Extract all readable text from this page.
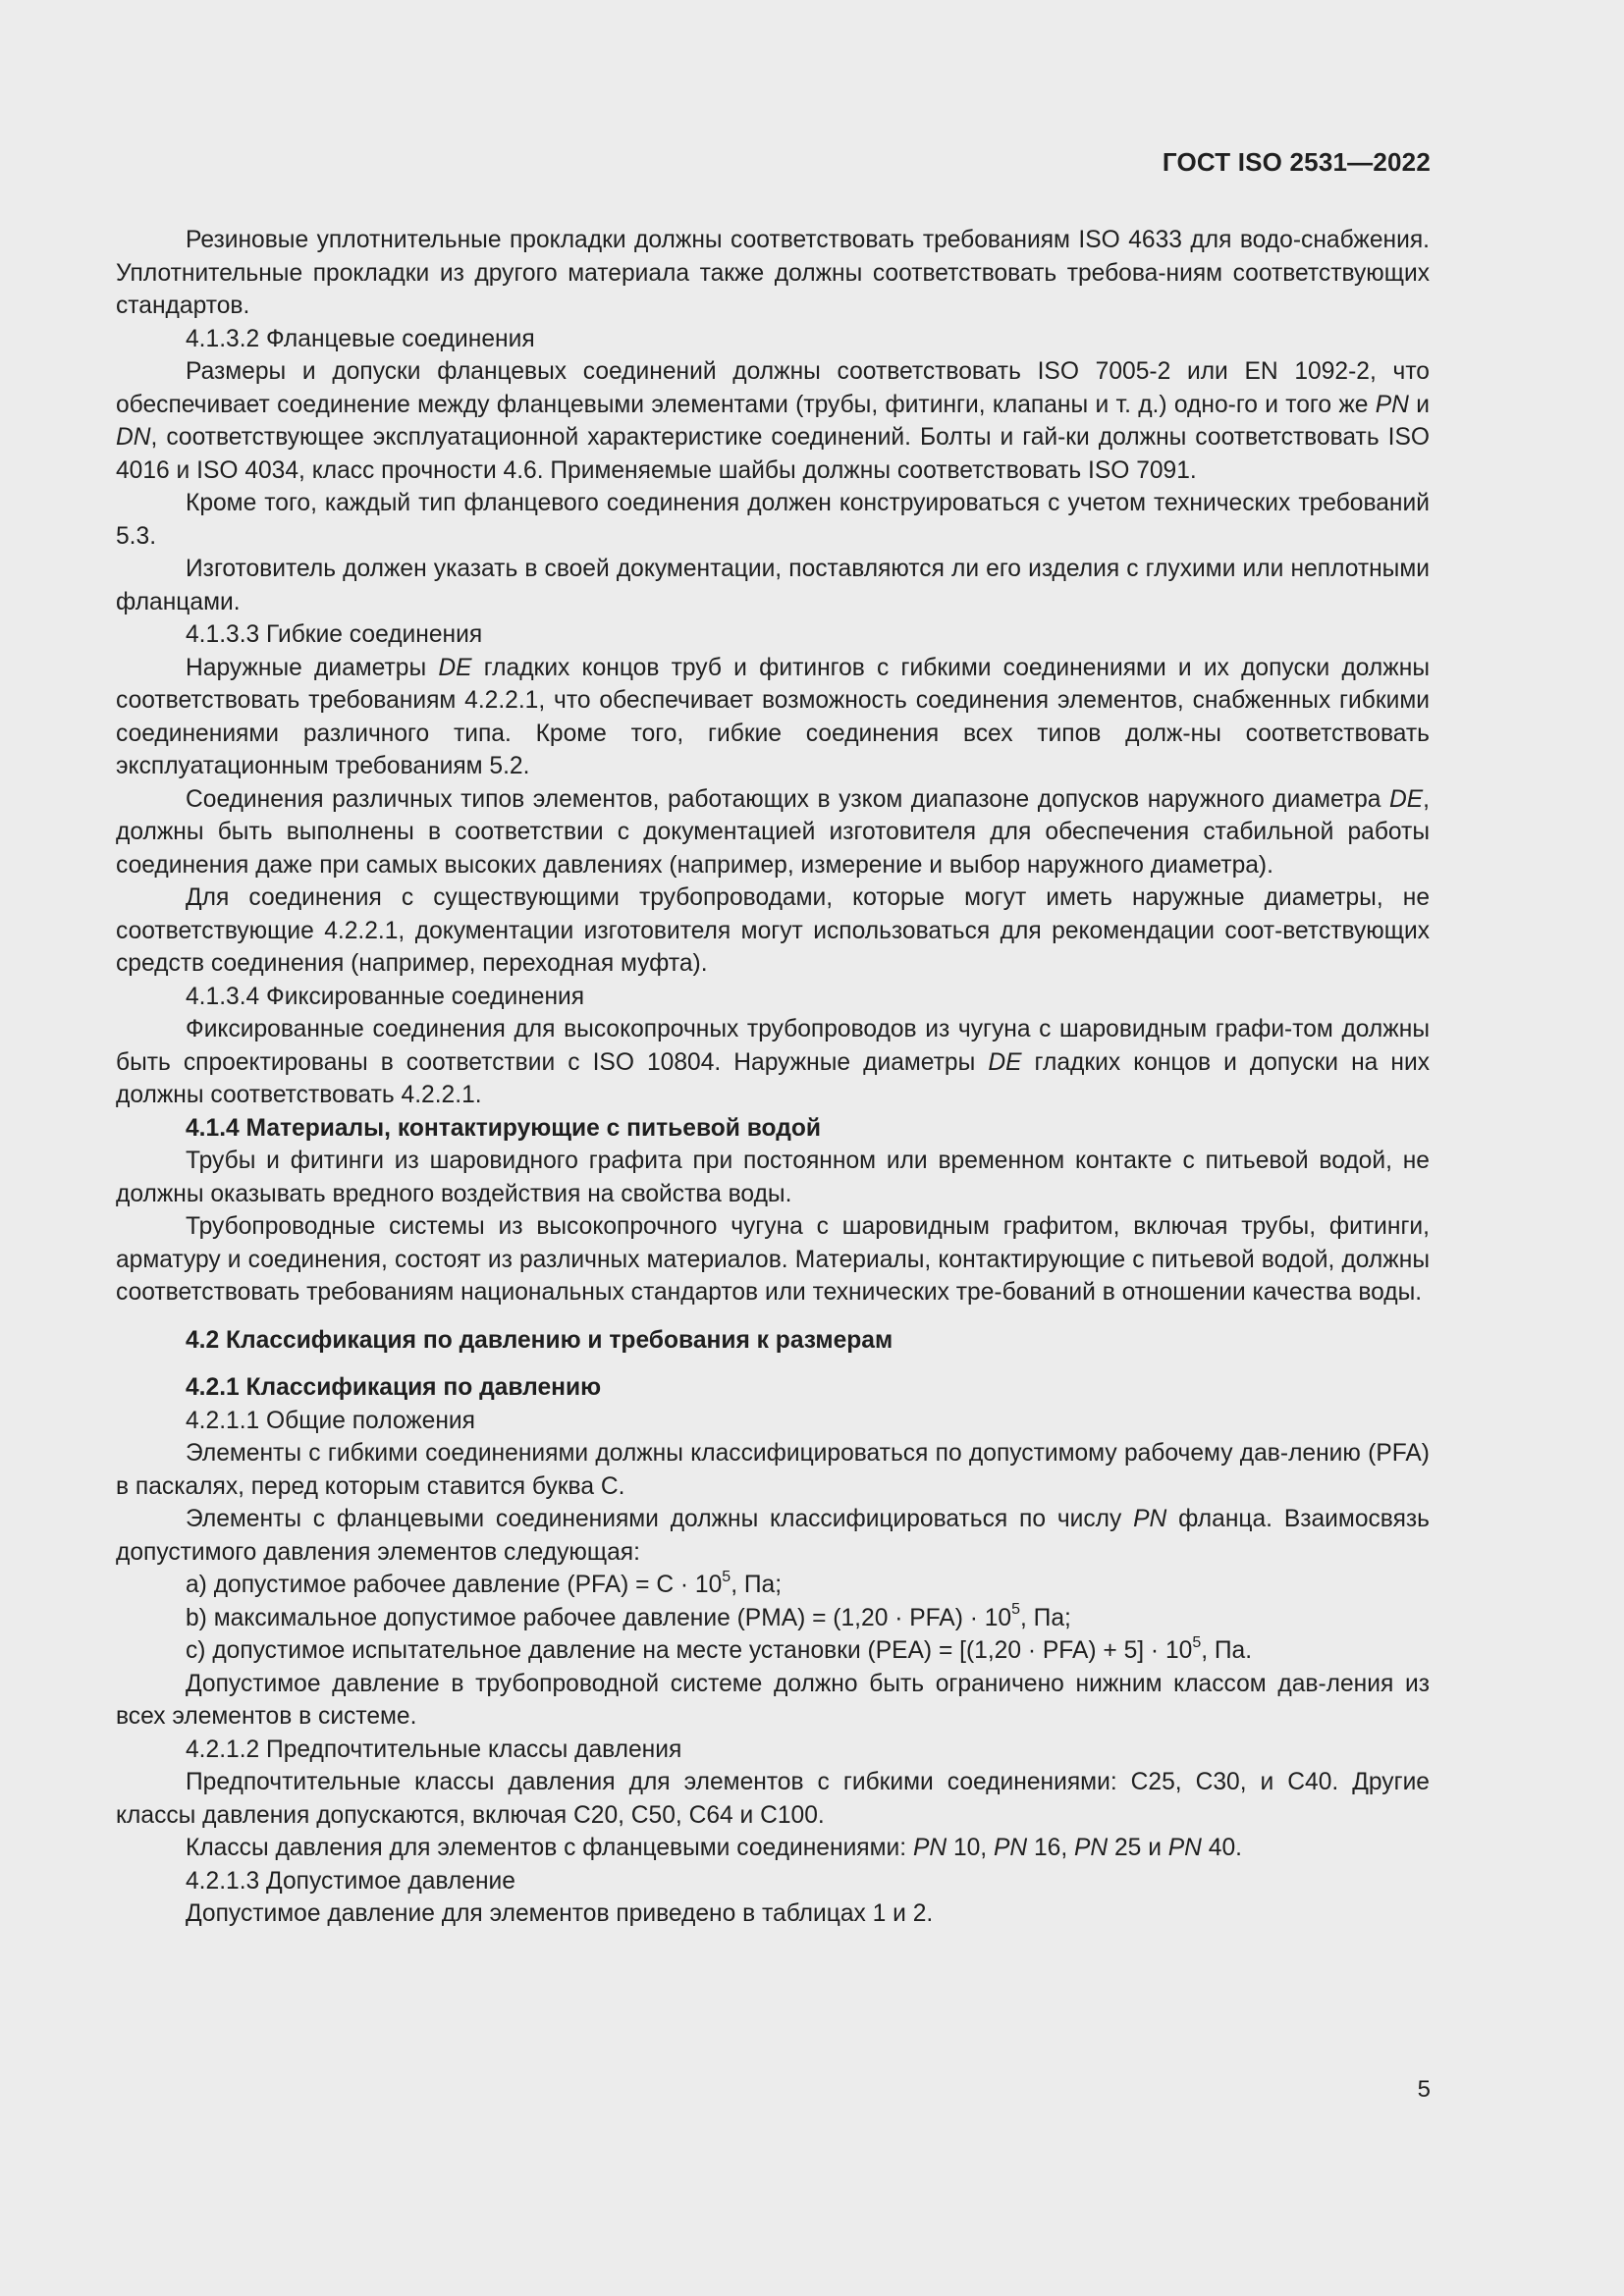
ГОСТ ISO 2531—2022

Резиновые уплотнительные прокладки должны соответствовать требованиям ISO 4633 для водо-снабжения. Уплотнительные прокладки из другого материала также должны соответствовать требова-ниям соответствующих стандартов.

4.1.3.2 Фланцевые соединения

Размеры и допуски фланцевых соединений должны соответствовать ISO 7005-2 или EN 1092-2, что обеспечивает соединение между фланцевыми элементами (трубы, фитинги, клапаны и т. д.) одно-го и того же PN и DN, соответствующее эксплуатационной характеристике соединений. Болты и гай-ки должны соответствовать ISO 4016 и ISO 4034, класс прочности 4.6. Применяемые шайбы должны соответствовать ISO 7091.

Кроме того, каждый тип фланцевого соединения должен конструироваться с учетом технических требований 5.3.

Изготовитель должен указать в своей документации, поставляются ли его изделия с глухими или неплотными фланцами.

4.1.3.3 Гибкие соединения

Наружные диаметры DE гладких концов труб и фитингов с гибкими соединениями и их допуски должны соответствовать требованиям 4.2.2.1, что обеспечивает возможность соединения элементов, снабженных гибкими соединениями различного типа. Кроме того, гибкие соединения всех типов долж-ны соответствовать эксплуатационным требованиям 5.2.

Соединения различных типов элементов, работающих в узком диапазоне допусков наружного диаметра DE, должны быть выполнены в соответствии с документацией изготовителя для обеспечения стабильной работы соединения даже при самых высоких давлениях (например, измерение и выбор наружного диаметра).

Для соединения с существующими трубопроводами, которые могут иметь наружные диаметры, не соответствующие 4.2.2.1, документации изготовителя могут использоваться для рекомендации соот-ветствующих средств соединения (например, переходная муфта).

4.1.3.4 Фиксированные соединения

Фиксированные соединения для высокопрочных трубопроводов из чугуна с шаровидным графи-том должны быть спроектированы в соответствии с ISO 10804. Наружные диаметры DE гладких концов и допуски на них должны соответствовать 4.2.2.1.

4.1.4 Материалы, контактирующие с питьевой водой

Трубы и фитинги из шаровидного графита при постоянном или временном контакте с питьевой водой, не должны оказывать вредного воздействия на свойства воды.

Трубопроводные системы из высокопрочного чугуна с шаровидным графитом, включая трубы, фитинги, арматуру и соединения, состоят из различных материалов. Материалы, контактирующие с питьевой водой, должны соответствовать требованиям национальных стандартов или технических тре-бований в отношении качества воды.

4.2 Классификация по давлению и требования к размерам

4.2.1 Классификация по давлению

4.2.1.1 Общие положения

Элементы с гибкими соединениями должны классифицироваться по допустимому рабочему дав-лению (PFA) в паскалях, перед которым ставится буква С.

Элементы с фланцевыми соединениями должны классифицироваться по числу PN фланца. Взаимосвязь допустимого давления элементов следующая:

а) допустимое рабочее давление $(PFA) = С \cdot 10^5$, Па;

b) максимальное допустимое рабочее давление $(PMA) = (1,20 \cdot PFA) \cdot 10^5$, Па;

с) допустимое испытательное давление на месте установки $(PEA) = [(1,20 \cdot PFA) + 5] \cdot 10^5$, Па.

Допустимое давление в трубопроводной системе должно быть ограничено нижним классом дав-ления из всех элементов в системе.

4.2.1.2 Предпочтительные классы давления

Предпочтительные классы давления для элементов с гибкими соединениями: С25, С30, и С40. Другие классы давления допускаются, включая С20, С50, С64 и С100.

Классы давления для элементов с фланцевыми соединениями: PN 10, PN 16, PN 25 и PN 40.

4.2.1.3 Допустимое давление

Допустимое давление для элементов приведено в таблицах 1 и 2.

5
